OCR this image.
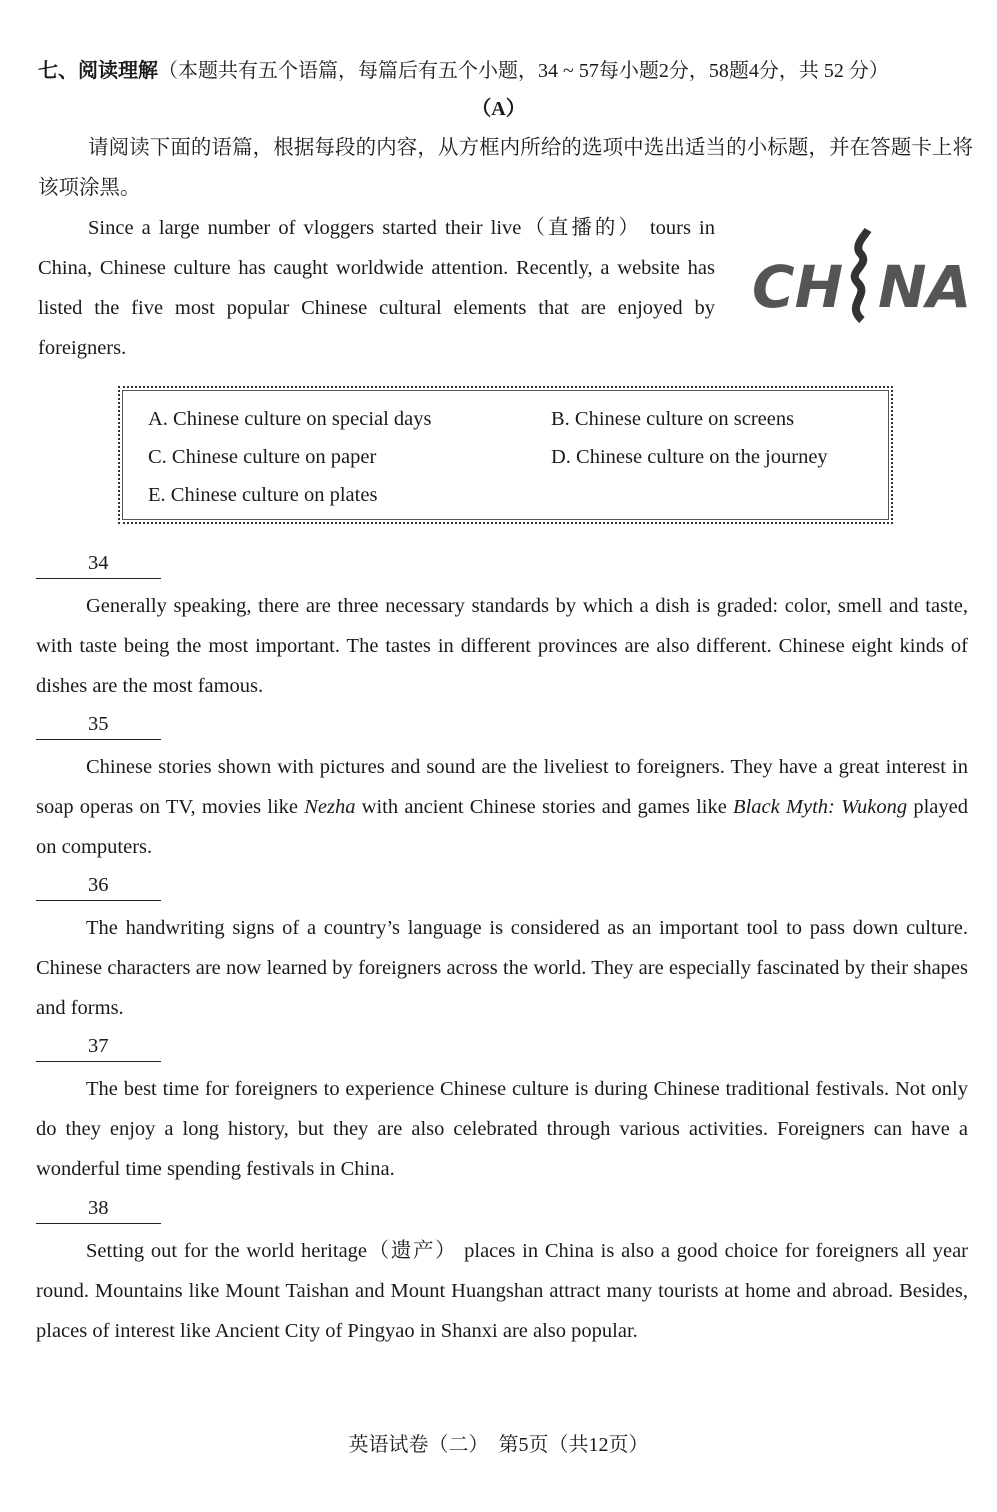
七、阅读理解（本题共有五个语篇，每篇后有五个小题，34 ~ 57每小题2分，58题4分，共 52 分）
（A）
请阅读下面的语篇，根据每段的内容，从方框内所给的选项中选出适当的小标题，并在答题卡上将该项涂黑。
Since a large number of vloggers started their live（直播的） tours in China, Chinese culture has caught worldwide attention. Recently, a website has listed the five most popular Chinese cultural elements that are enjoyed by foreigners.
CH NA
A. Chinese culture on special days	B. Chinese culture on screens
C. Chinese culture on paper	D. Chinese culture on the journey
E. Chinese culture on plates
34
Generally speaking, there are three necessary standards by which a dish is graded: color, smell and taste, with taste being the most important. The tastes in different provinces are also different. Chinese eight kinds of dishes are the most famous.
35
Chinese stories shown with pictures and sound are the liveliest to foreigners. They have a great interest in soap operas on TV, movies like Nezha with ancient Chinese stories and games like Black Myth: Wukong played on computers.
36
The handwriting signs of a country’s language is considered as an important tool to pass down culture. Chinese characters are now learned by foreigners across the world. They are especially fascinated by their shapes and forms.
37
The best time for foreigners to experience Chinese culture is during Chinese traditional festivals. Not only do they enjoy a long history, but they are also celebrated through various activities. Foreigners can have a wonderful time spending festivals in China.
38
Setting out for the world heritage（遗产） places in China is also a good choice for foreigners all year round. Mountains like Mount Taishan and Mount Huangshan attract many tourists at home and abroad. Besides, places of interest like Ancient City of Pingyao in Shanxi are also popular.
英语试卷（二）  第5页（共12页）
